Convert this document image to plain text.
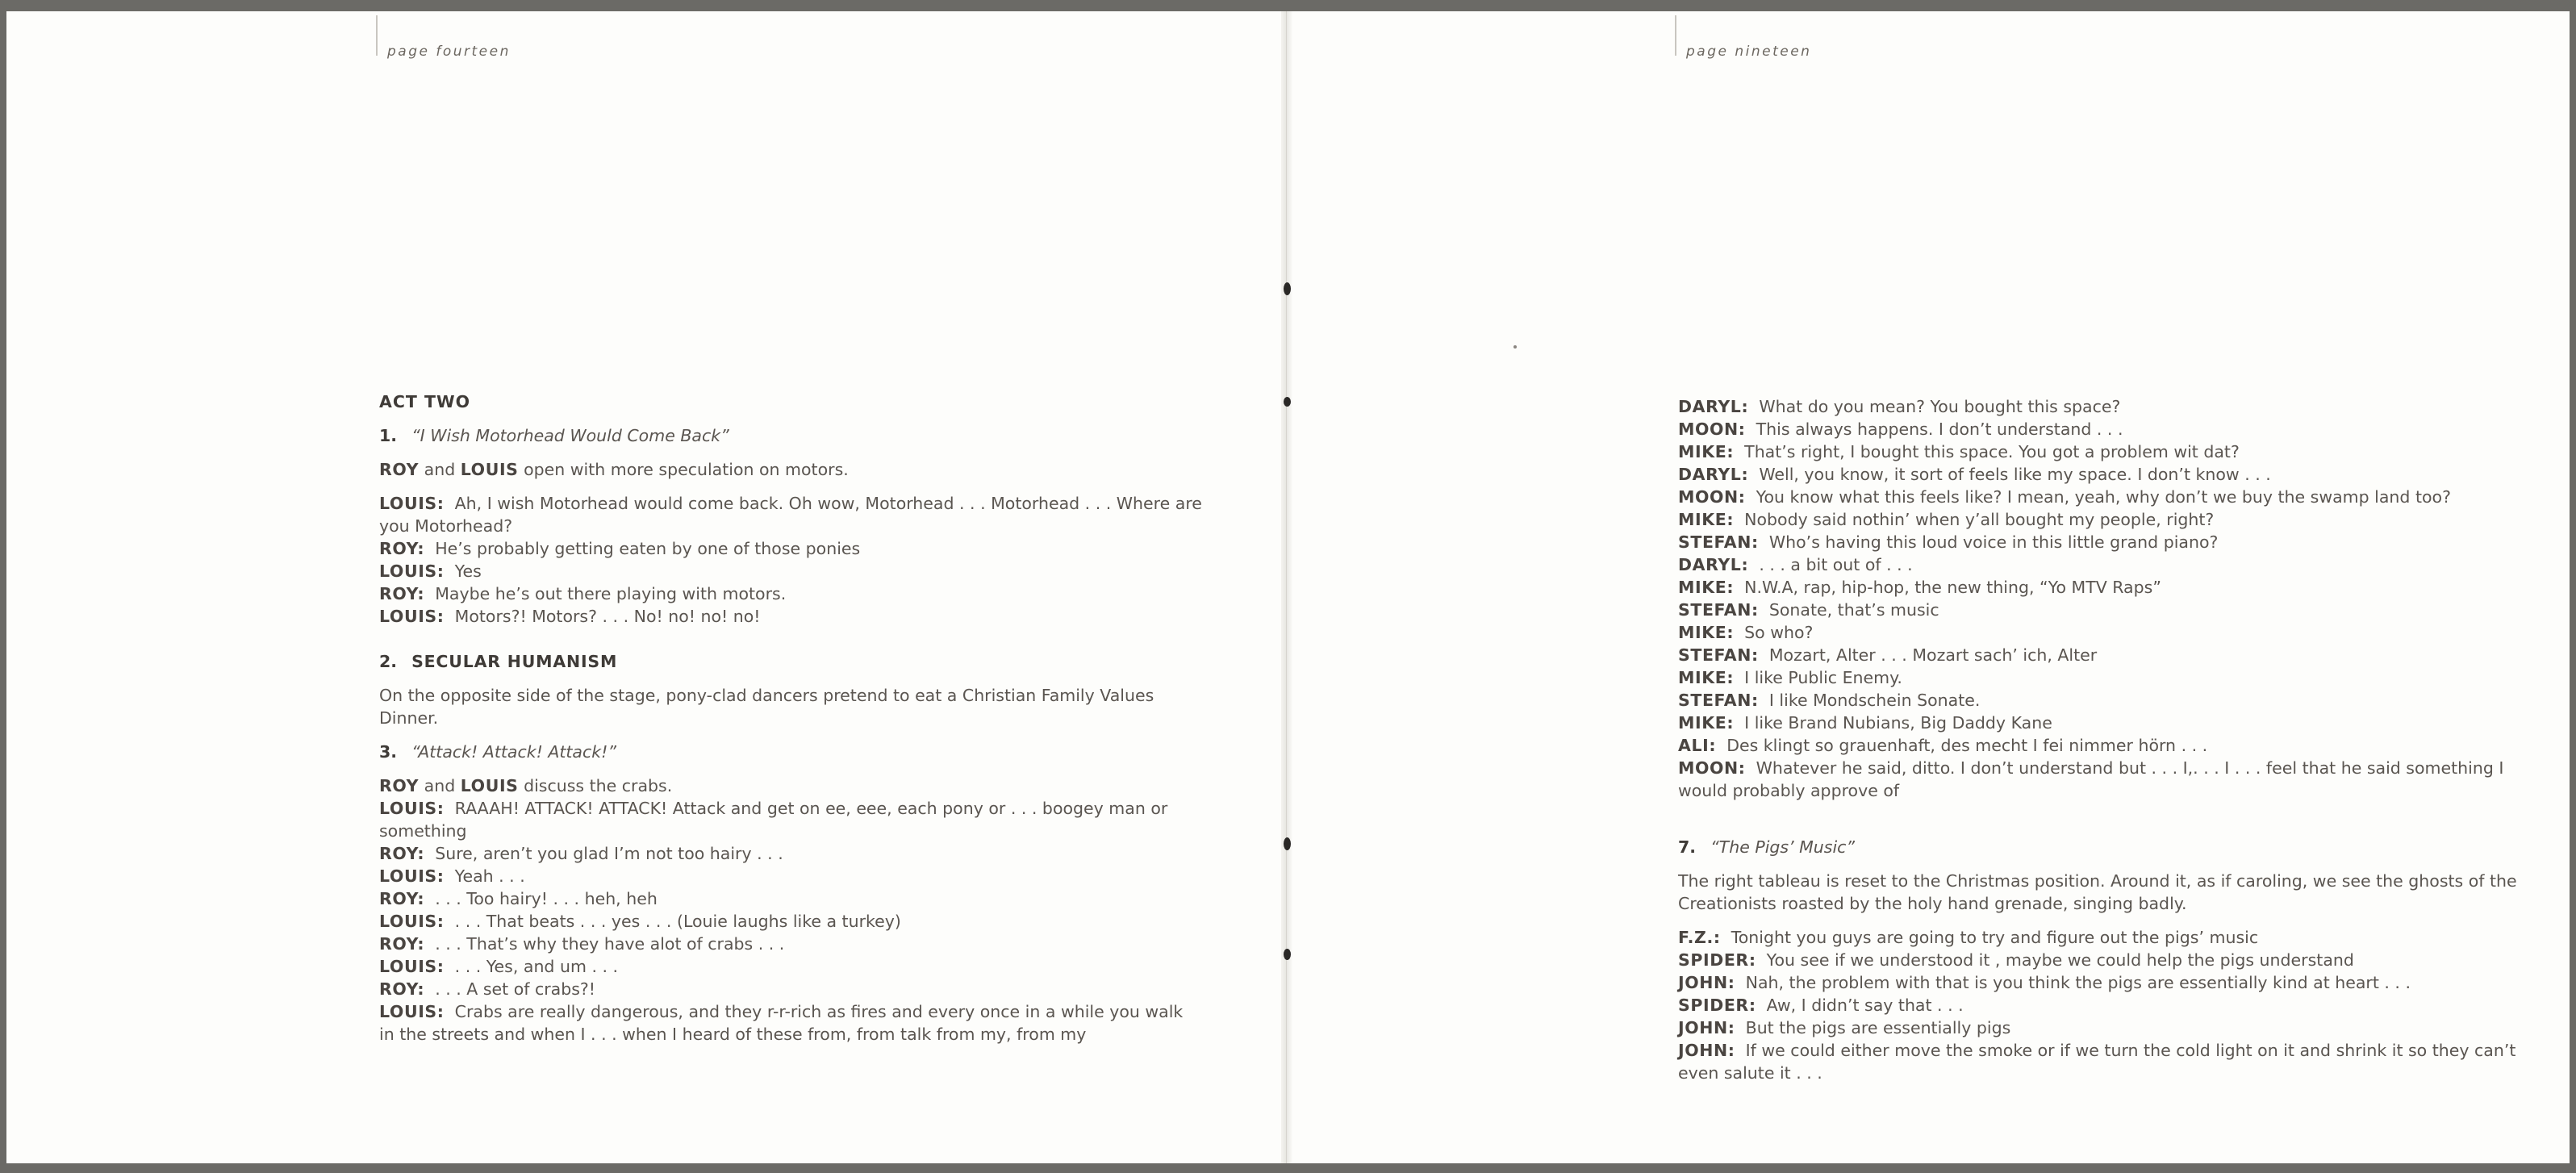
page fourteen

ACT TWO

1. “I Wish Motorhead Would Come Back”

ROY and LOUIS open with more speculation on motors.

LOUIS: Ah, I wish Motorhead would come back. Oh wow, Motorhead . . . Motorhead . . . Where are you Motorhead?

ROY: He’s probably getting eaten by one of those ponies

LOUIS: Yes

ROY: Maybe he’s out there playing with motors.

LOUIS: Motors?! Motors? . . . No! no! no! no!

2. SECULAR HUMANISM

On the opposite side of the stage, pony-clad dancers pretend to eat a Christian Family Values Dinner.

3. “Attack! Attack! Attack!”

ROY and LOUIS discuss the crabs.

LOUIS: RAAAH! ATTACK! ATTACK! Attack and get on ee, eee, each pony or . . . boogey man or something

ROY: Sure, aren’t you glad I’m not too hairy . . .

LOUIS: Yeah . . .

ROY: . . . Too hairy! . . . heh, heh

LOUIS: . . . That beats . . . yes . . . (Louie laughs like a turkey)

ROY: . . . That’s why they have alot of crabs . . .

LOUIS: . . . Yes, and um . . .

ROY: . . . A set of crabs?!

LOUIS: Crabs are really dangerous, and they r-r-rich as fires and every once in a while you walk in the streets and when I . . . when I heard of these from, from talk from my, from my

page nineteen

DARYL: What do you mean? You bought this space?

MOON: This always happens. I don’t understand . . .

MIKE: That’s right, I bought this space. You got a problem wit dat?

DARYL: Well, you know, it sort of feels like my space. I don’t know . . .

MOON: You know what this feels like? I mean, yeah, why don’t we buy the swamp land too?

MIKE: Nobody said nothin’ when y’all bought my people, right?

STEFAN: Who’s having this loud voice in this little grand piano?

DARYL: . . . a bit out of . . .

MIKE: N.W.A, rap, hip-hop, the new thing, “Yo MTV Raps”

STEFAN: Sonate, that’s music

MIKE: So who?

STEFAN: Mozart, Alter . . . Mozart sach’ ich, Alter

MIKE: I like Public Enemy.

STEFAN: I like Mondschein Sonate.

MIKE: I like Brand Nubians, Big Daddy Kane

ALI: Des klingt so grauenhaft, des mecht I fei nimmer hörn . . .

MOON: Whatever he said, ditto. I don’t understand but . . . I,. . . I . . . feel that he said something I would probably approve of

7. “The Pigs’ Music”

The right tableau is reset to the Christmas position. Around it, as if caroling, we see the ghosts of the Creationists roasted by the holy hand grenade, singing badly.

F.Z.: Tonight you guys are going to try and figure out the pigs’ music

SPIDER: You see if we understood it , maybe we could help the pigs understand

JOHN: Nah, the problem with that is you think the pigs are essentially kind at heart . . .

SPIDER: Aw, I didn’t say that . . .

JOHN: But the pigs are essentially pigs

JOHN: If we could either move the smoke or if we turn the cold light on it and shrink it so they can’t even salute it . . .
